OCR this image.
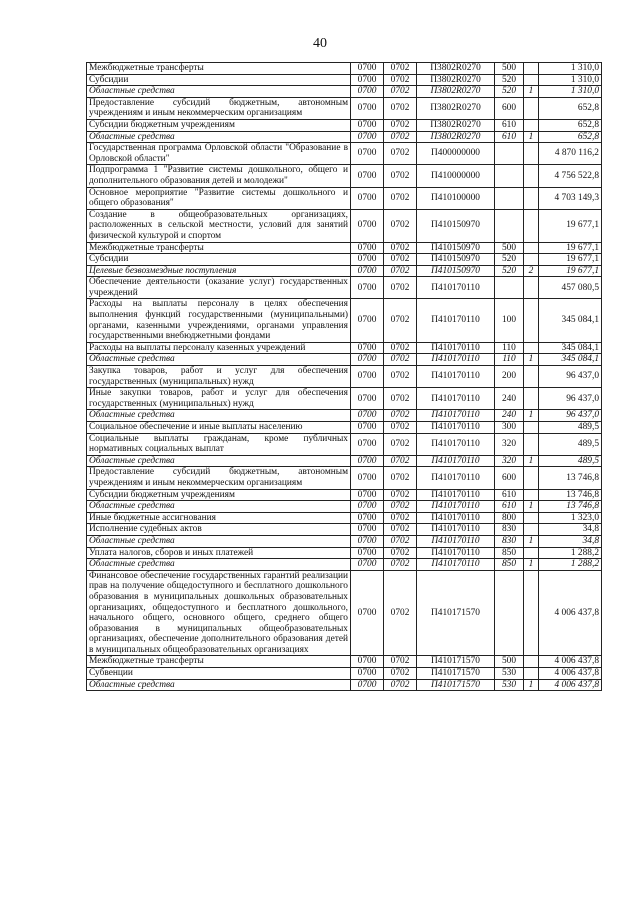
40
Межбюджетные трансферты	0700	0702	П3802R0270	500		1 310,0
Субсидии	0700	0702	П3802R0270	520		1 310,0
Областные средства	0700	0702	П3802R0270	520	1	1 310,0
Предоставление субсидий бюджетным, автономным учреждениям и иным некоммерческим организациям	0700	0702	П3802R0270	600		652,8
Субсидии бюджетным учреждениям	0700	0702	П3802R0270	610		652,8
Областные средства	0700	0702	П3802R0270	610	1	652,8
Государственная программа Орловской области "Образование в Орловской области"	0700	0702	П400000000			4 870 116,2
Подпрограмма 1 "Развитие системы дошкольного, общего и дополнительного образования детей и молодежи"	0700	0702	П410000000			4 756 522,8
Основное мероприятие "Развитие системы дошкольного и общего образования"	0700	0702	П410100000			4 703 149,3
Создание в общеобразовательных организациях, расположенных в сельской местности, условий для занятий физической культурой и спортом	0700	0702	П410150970			19 677,1
Межбюджетные трансферты	0700	0702	П410150970	500		19 677,1
Субсидии	0700	0702	П410150970	520		19 677,1
Целевые безвозмездные поступления	0700	0702	П410150970	520	2	19 677,1
Обеспечение деятельности (оказание услуг) государственных учреждений	0700	0702	П410170110			457 080,5
Расходы на выплаты персоналу в целях обеспечения выполнения функций государственными (муниципальными) органами, казенными учреждениями, органами управления государственными внебюджетными фондами	0700	0702	П410170110	100		345 084,1
Расходы на выплаты персоналу казенных учреждений	0700	0702	П410170110	110		345 084,1
Областные средства	0700	0702	П410170110	110	1	345 084,1
Закупка товаров, работ и услуг для обеспечения государственных (муниципальных) нужд	0700	0702	П410170110	200		96 437,0
Иные закупки товаров, работ и услуг для обеспечения государственных (муниципальных) нужд	0700	0702	П410170110	240		96 437,0
Областные средства	0700	0702	П410170110	240	1	96 437,0
Социальное обеспечение и иные выплаты населению	0700	0702	П410170110	300		489,5
Социальные выплаты гражданам, кроме публичных нормативных социальных выплат	0700	0702	П410170110	320		489,5
Областные средства	0700	0702	П410170110	320	1	489,5
Предоставление субсидий бюджетным, автономным учреждениям и иным некоммерческим организациям	0700	0702	П410170110	600		13 746,8
Субсидии бюджетным учреждениям	0700	0702	П410170110	610		13 746,8
Областные средства	0700	0702	П410170110	610	1	13 746,8
Иные бюджетные ассигнования	0700	0702	П410170110	800		1 323,0
Исполнение судебных актов	0700	0702	П410170110	830		34,8
Областные средства	0700	0702	П410170110	830	1	34,8
Уплата налогов, сборов и иных платежей	0700	0702	П410170110	850		1 288,2
Областные средства	0700	0702	П410170110	850	1	1 288,2
Финансовое обеспечение государственных гарантий реализации прав на получение общедоступного и бесплатного дошкольного образования в муниципальных дошкольных образовательных организациях, общедоступного и бесплатного дошкольного, начального общего, основного общего, среднего общего образования в муниципальных общеобразовательных организациях, обеспечение дополнительного образования детей в муниципальных общеобразовательных организациях	0700	0702	П410171570			4 006 437,8
Межбюджетные трансферты	0700	0702	П410171570	500		4 006 437,8
Субвенции	0700	0702	П410171570	530		4 006 437,8
Областные средства	0700	0702	П410171570	530	1	4 006 437,8
